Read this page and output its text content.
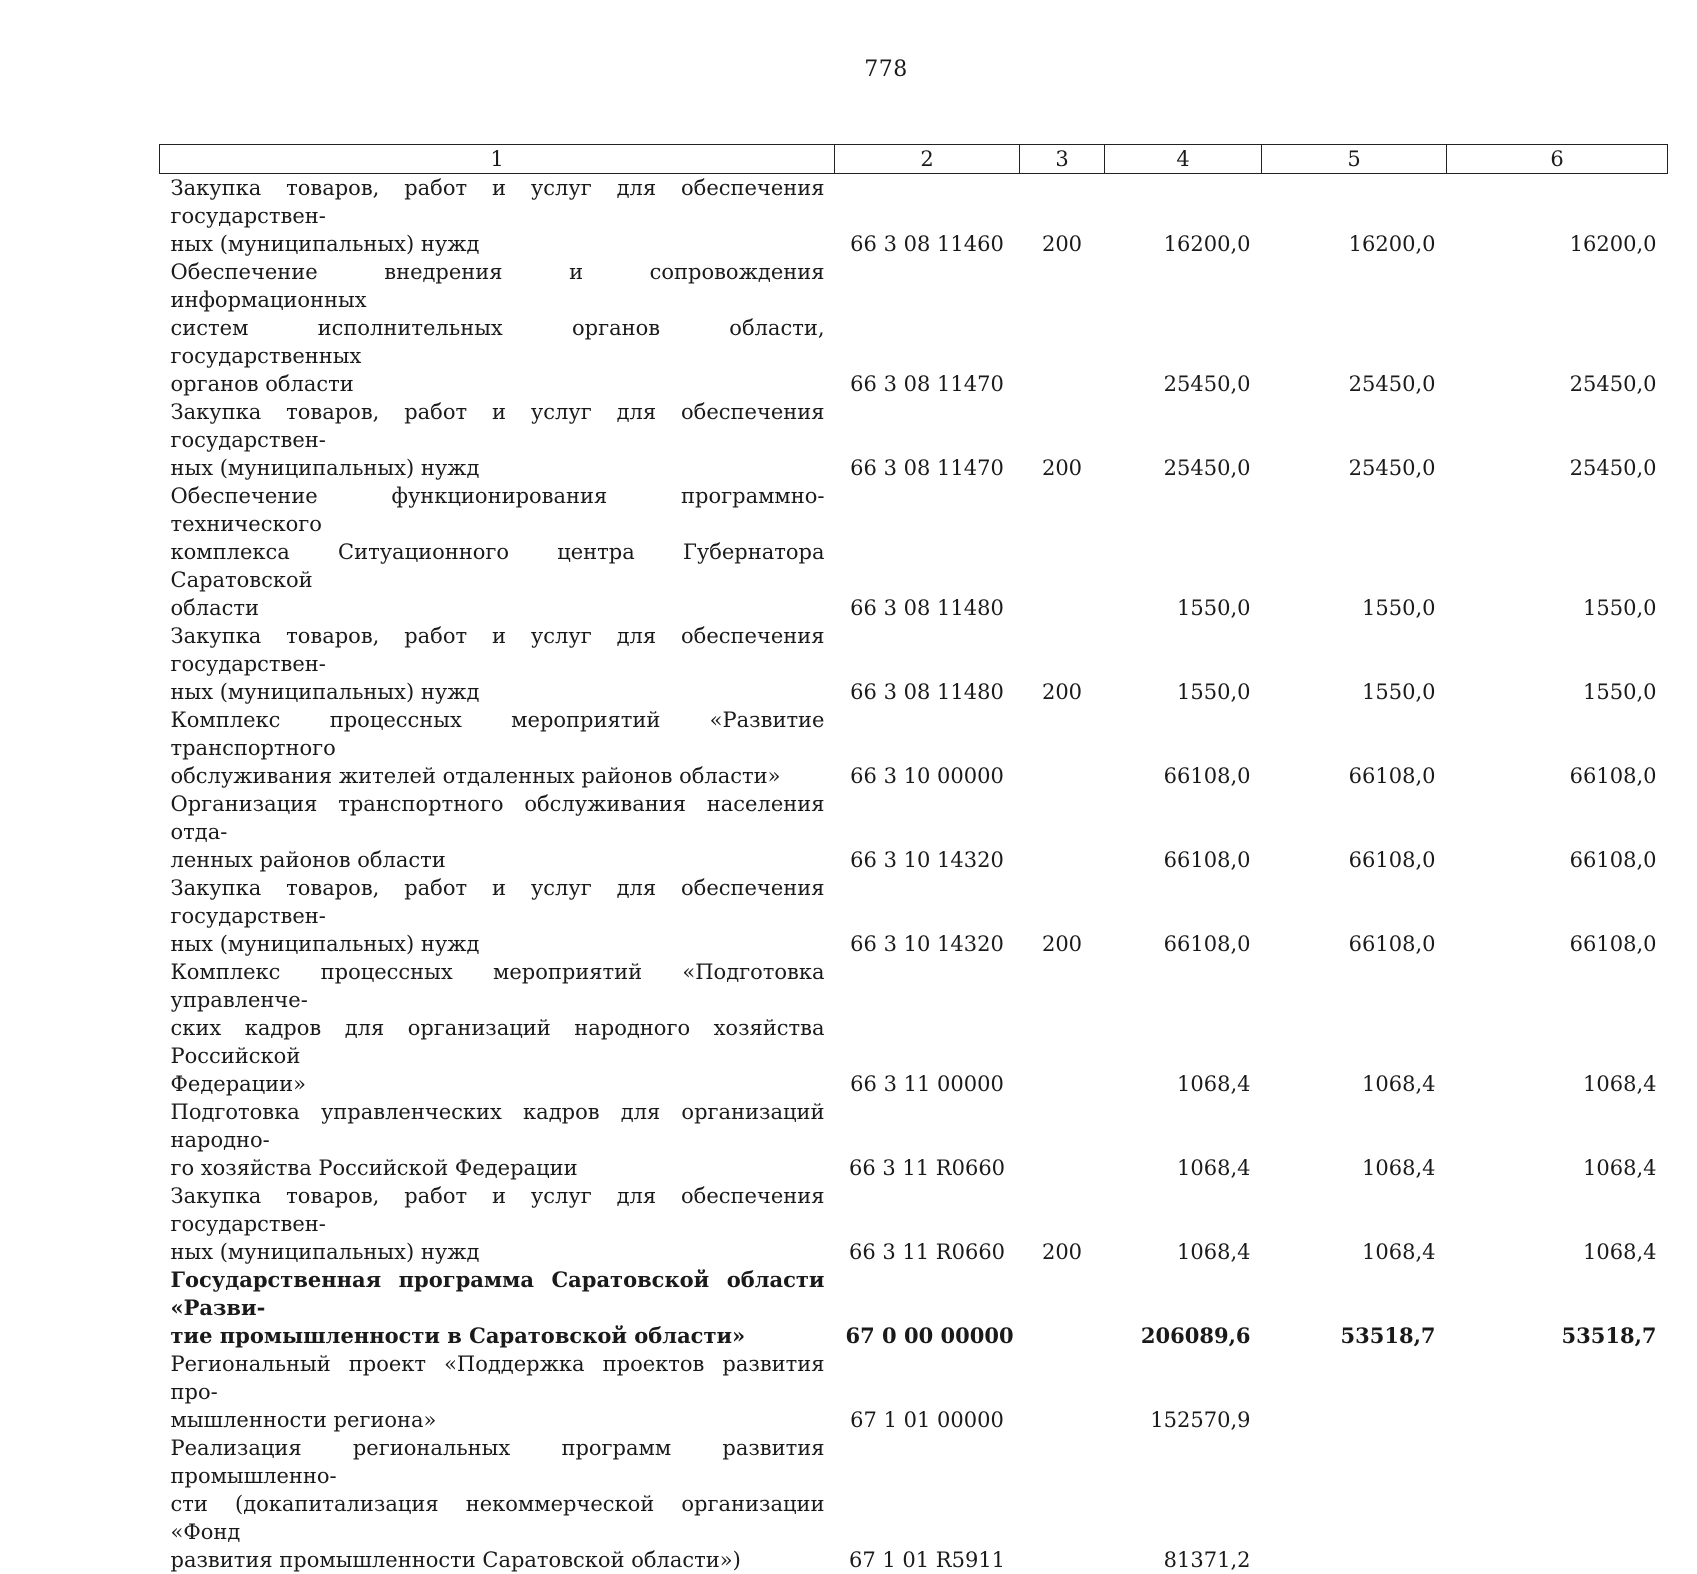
778
1	2	3	4	5	6

Закупка товаров, работ и услуг для обеспечения государствен-
ных (муниципальных) нужд	66 3 08 11460	200	16200,0	16200,0	16200,0

Обеспечение внедрения и сопровождения информационных
систем исполнительных органов области, государственных
органов области	66 3 08 11470		25450,0	25450,0	25450,0

Закупка товаров, работ и услуг для обеспечения государствен-
ных (муниципальных) нужд	66 3 08 11470	200	25450,0	25450,0	25450,0

Обеспечение функционирования программно-технического
комплекса Ситуационного центра Губернатора Саратовской
области	66 3 08 11480		1550,0	1550,0	1550,0

Закупка товаров, работ и услуг для обеспечения государствен-
ных (муниципальных) нужд	66 3 08 11480	200	1550,0	1550,0	1550,0

Комплекс процессных мероприятий «Развитие транспортного
обслуживания жителей отдаленных районов области»	66 3 10 00000		66108,0	66108,0	66108,0

Организация транспортного обслуживания населения отда-
ленных районов области	66 3 10 14320		66108,0	66108,0	66108,0

Закупка товаров, работ и услуг для обеспечения государствен-
ных (муниципальных) нужд	66 3 10 14320	200	66108,0	66108,0	66108,0

Комплекс процессных мероприятий «Подготовка управленче-
ских кадров для организаций народного хозяйства Российской
Федерации»	66 3 11 00000		1068,4	1068,4	1068,4

Подготовка управленческих кадров для организаций народно-
го хозяйства Российской Федерации	66 3 11 R0660		1068,4	1068,4	1068,4

Закупка товаров, работ и услуг для обеспечения государствен-
ных (муниципальных) нужд	66 3 11 R0660	200	1068,4	1068,4	1068,4

Государственная программа Саратовской области «Разви-
тие промышленности в Саратовской области»	67 0 00 00000		206089,6	53518,7	53518,7

Региональный проект «Поддержка проектов развития про-
мышленности региона»	67 1 01 00000		152570,9		

Реализация региональных программ развития промышленно-
сти (докапитализация некоммерческой организации «Фонд
развития промышленности Саратовской области»)	67 1 01 R5911		81371,2		
